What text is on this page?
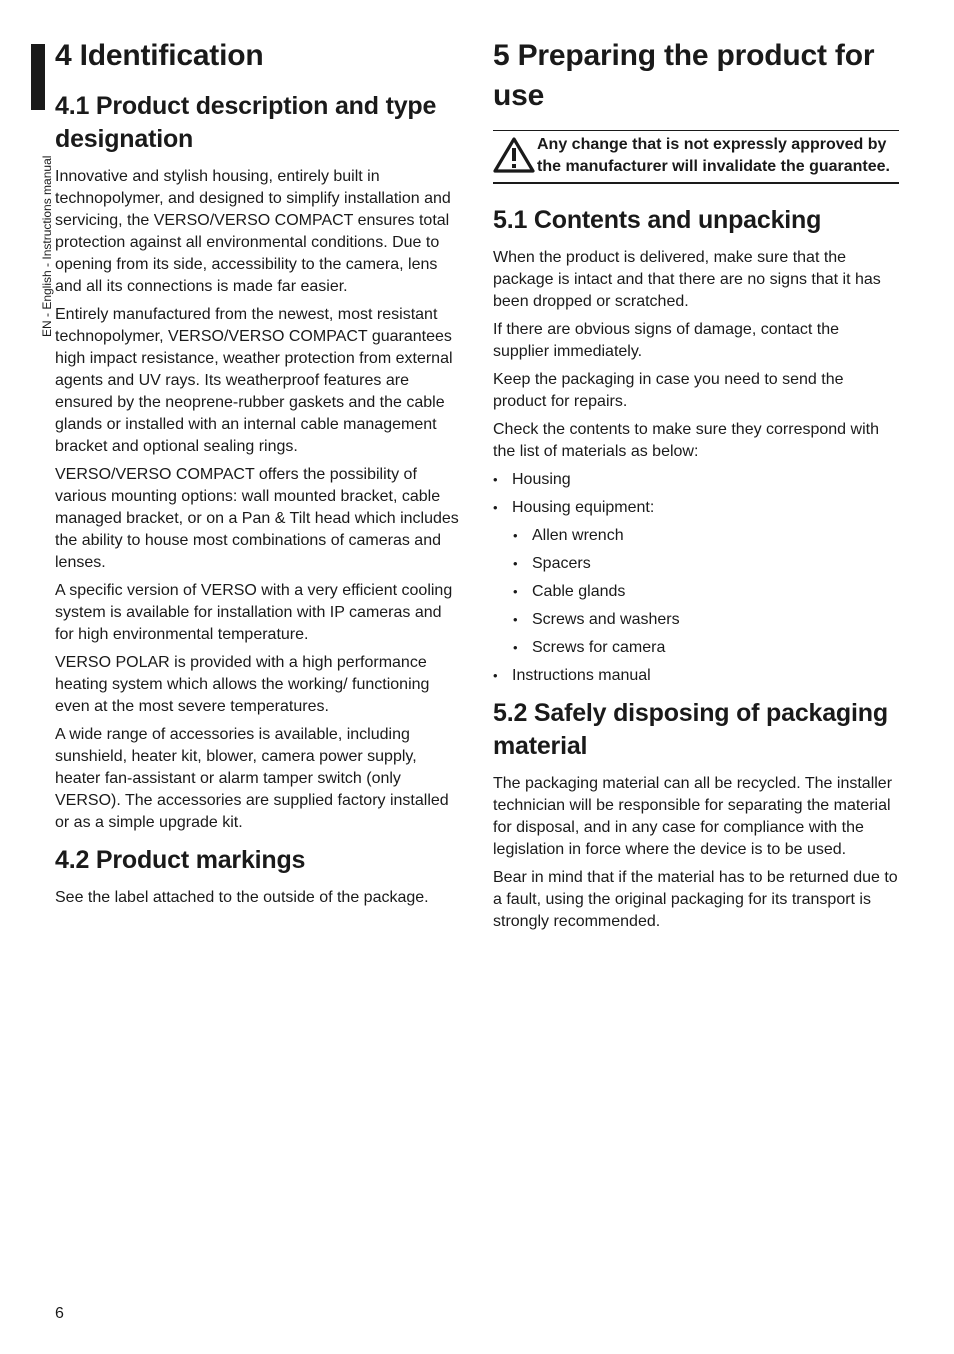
EN - English - Instructions manual
4 Identification
4.1 Product description and type designation

Innovative and stylish housing, entirely built in technopolymer, and designed to simplify installation and servicing, the VERSO/VERSO COMPACT ensures total protection against all environmental conditions. Due to opening from its side, accessibility to the camera, lens and all its connections is made far easier.

Entirely manufactured from the newest, most resistant technopolymer, VERSO/VERSO COMPACT guarantees high impact resistance, weather protection from external agents and UV rays. Its weatherproof features are ensured by the neoprene-rubber gaskets and the cable glands or installed with an internal cable management bracket and optional sealing rings.

VERSO/VERSO COMPACT offers the possibility of various mounting options: wall mounted bracket, cable managed bracket, or on a Pan & Tilt head which includes the ability to house most combinations of cameras and lenses.

A specific version of VERSO with a very efficient cooling system is available for installation with IP cameras and for high environmental temperature.

VERSO POLAR is provided with a high performance heating system which allows the working/ functioning even at the most severe temperatures.

A wide range of accessories is available, including sunshield, heater kit, blower, camera power supply, heater fan-assistant or alarm tamper switch (only VERSO). The accessories are supplied factory installed or as a simple upgrade kit.

4.2 Product markings

See the label attached to the outside of the package.

5 Preparing the product for use
Any change that is not expressly approved by the manufacturer will invalidate the guarantee.
5.1 Contents and unpacking

When the product is delivered, make sure that the package is intact and that there are no signs that it has been dropped or scratched.

If there are obvious signs of damage, contact the supplier immediately.

Keep the packaging in case you need to send the product for repairs.

Check the contents to make sure they correspond with the list of materials as below:

• Housing
• Housing equipment:
• Allen wrench
• Spacers
• Cable glands
• Screws and washers
• Screws for camera
• Instructions manual
5.2 Safely disposing of packaging material

The packaging material can all be recycled. The installer technician will be responsible for separating the material for disposal, and in any case for compliance with the legislation in force where the device is to be used.

Bear in mind that if the material has to be returned due to a fault, using the original packaging for its transport is strongly recommended.

6
